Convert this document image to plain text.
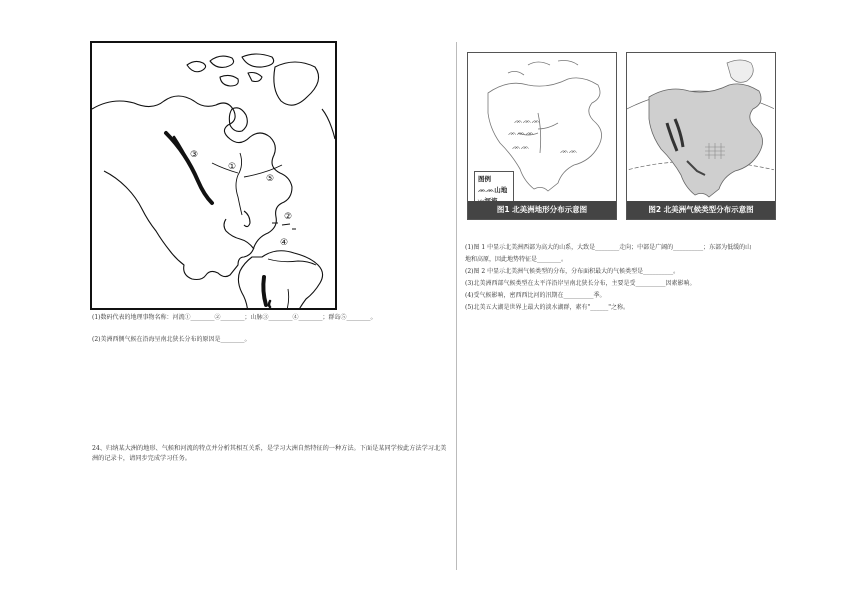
③
①
⑤
②
④
(1)数码代表的地理事物名称：河流①________②________；山脉③________④________；群岛⑤________。
(2)美洲西侧气候在沿海呈南北狭长分布的原因是________。
24、归纳某大洲的地形、气候和河流的特点并分析其相互关系，是学习大洲自然特征的一种方法。下面是某同学按此方法学习北美洲的记录卡，请同步完成学习任务。
ᨏᨏᨏ
ᨏᨏᨏ
ᨏᨏ	ᨏᨏ
图例
ᨏᨏ山地
图1 北美洲地形分布示意图	图2 北美洲气候类型分布示意图
(1)图 1 中显示北美洲西部为高大的山系，大致是________走向；中部是广阔的__________；东部为低缓的山
地和高原，因此地势特征是________。
(2)图 2 中显示北美洲气候类型的分布，分布面积最大的气候类型是__________。
(3)北美洲西部气候类型在太平洋沿岸呈南北狭长分布，主要是受__________因素影响。
(4)受气候影响，密西西比河的汛期在__________季。
(5)北美五大湖是世界上最大的淡水湖群，素有"______"之称。
